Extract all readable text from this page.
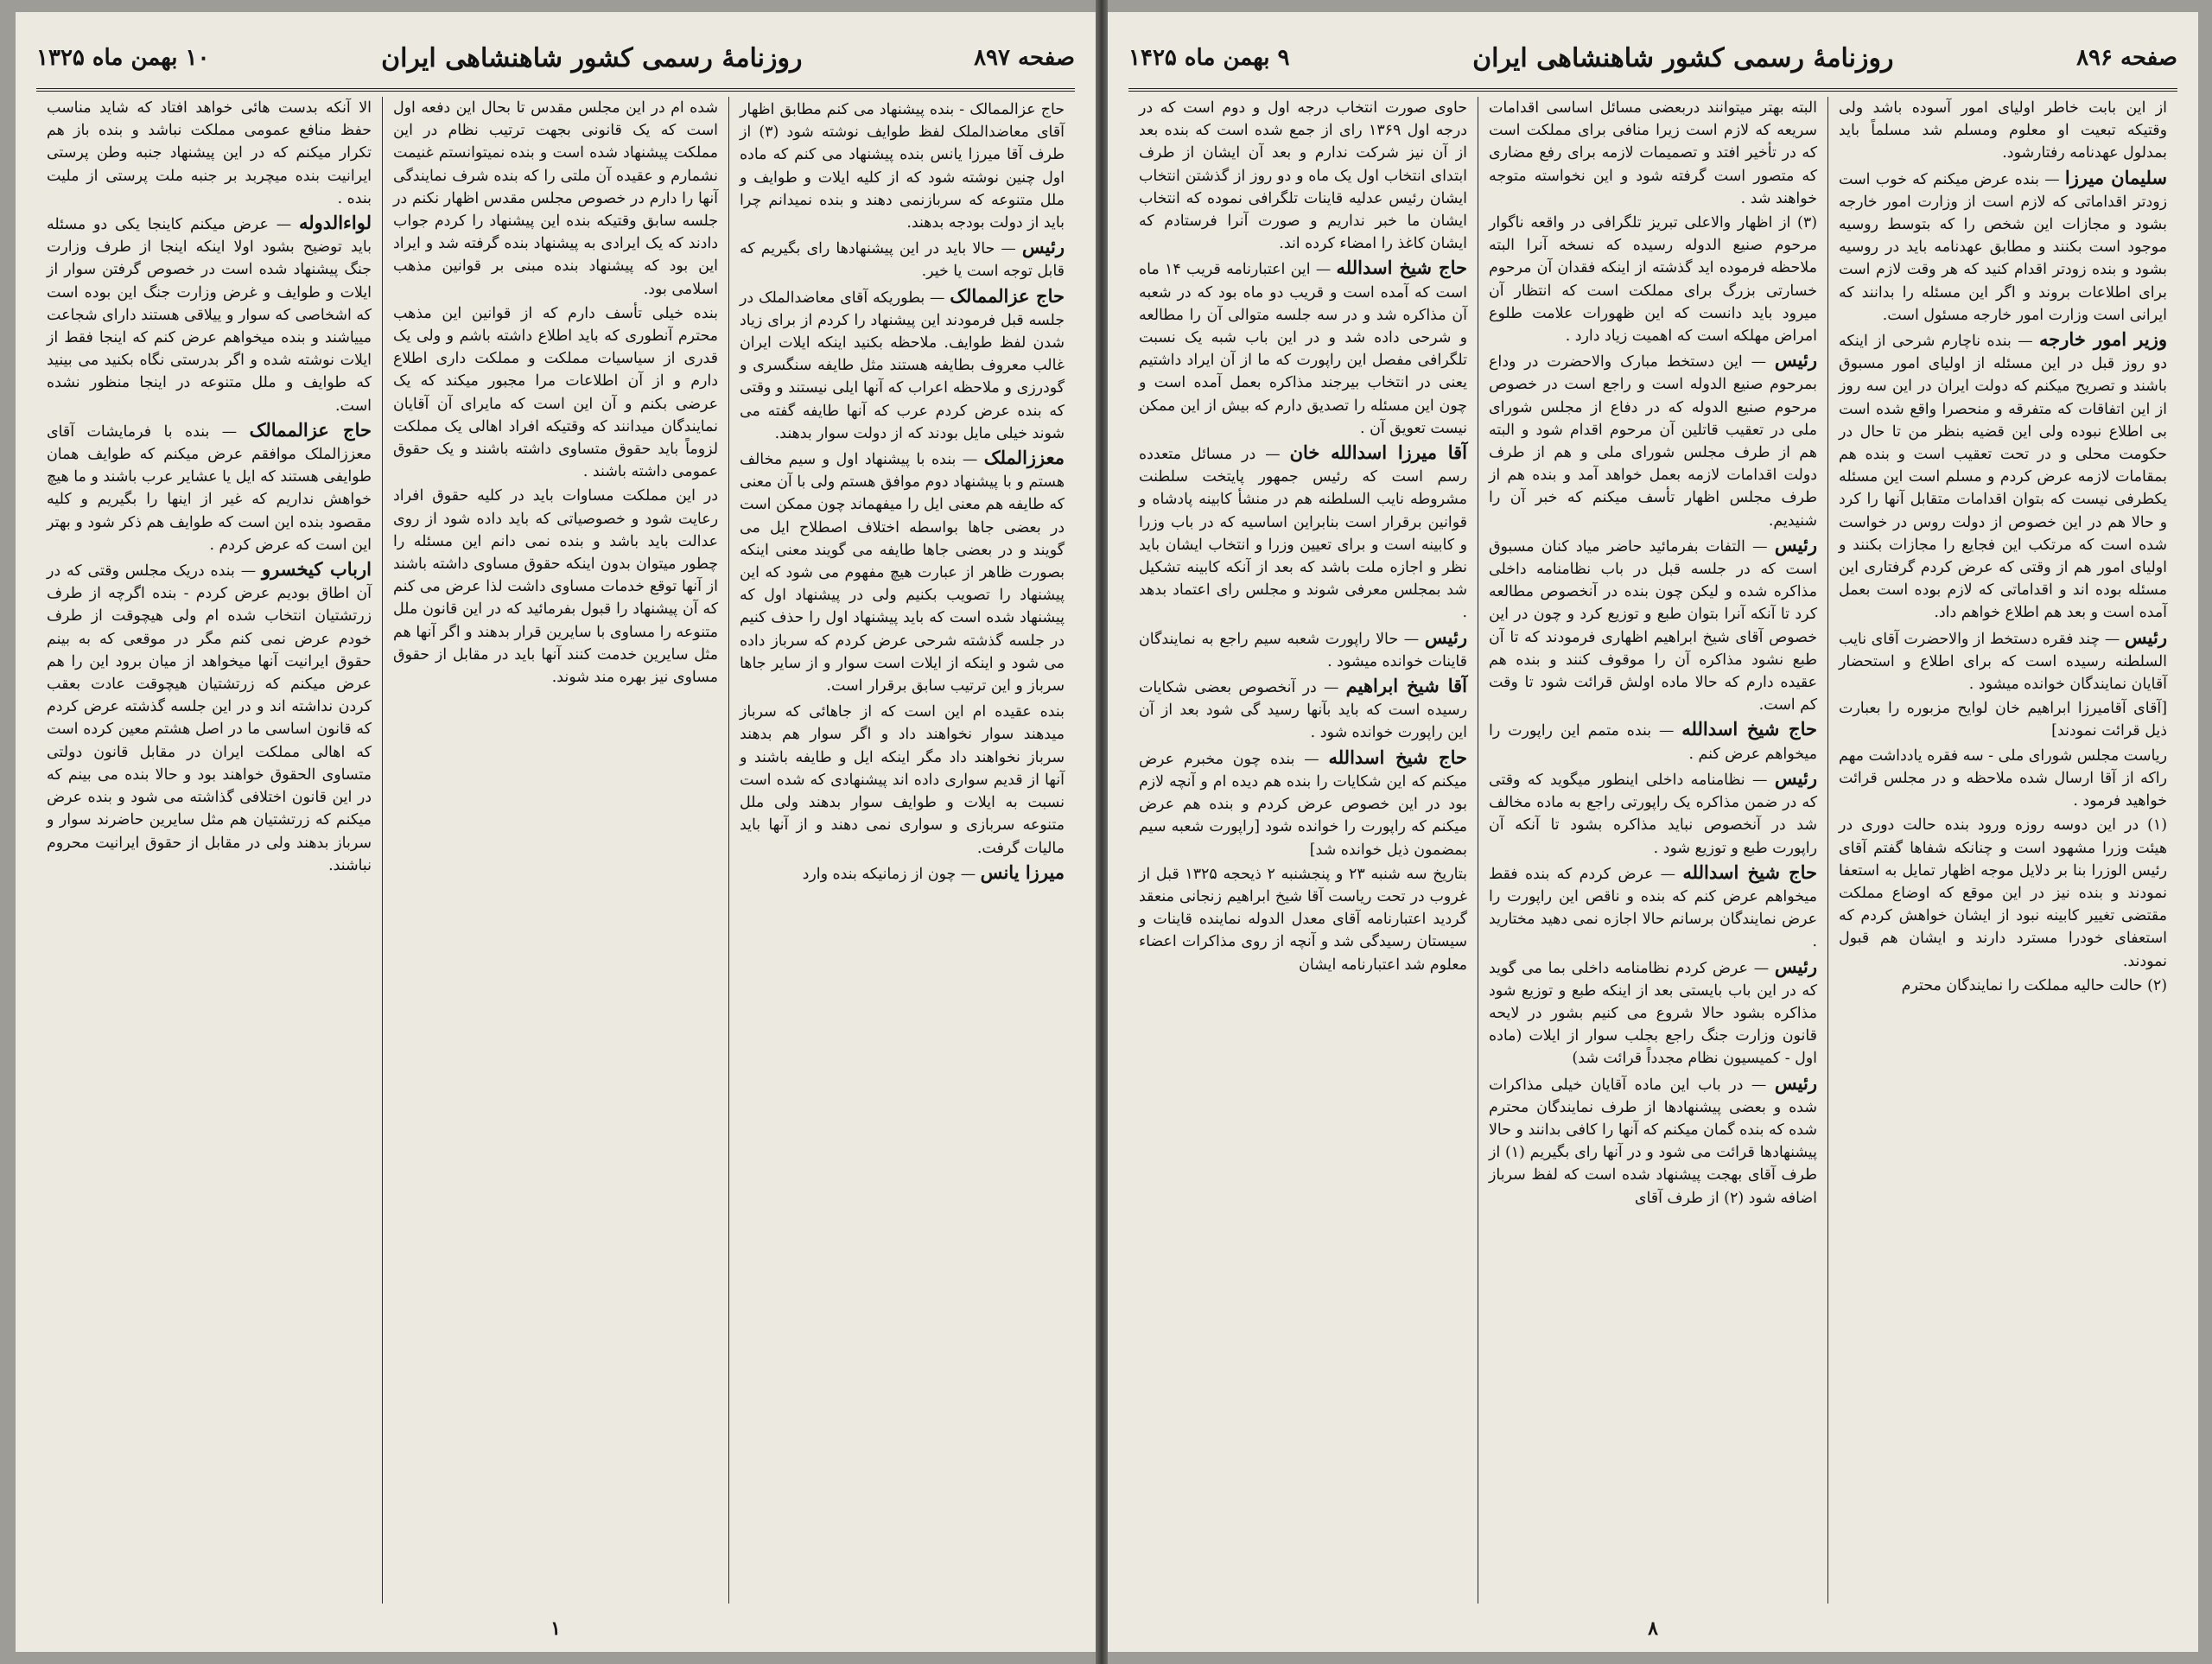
صفحه ۸۹۷
روزنامهٔ رسمی کشور شاهنشاهی ایران
۱۰ بهمن ماه ۱۳۲۵

حاج عزالممالک - بنده پیشنهاد می کنم مطابق اظهار آقای معاضدالملک لفظ طوایف نوشته شود (۳) از طرف آقا میرزا یانس بنده پیشنهاد می کنم که ماده اول چنین نوشته شود که از کلیه ایلات و طوایف و ملل متنوعه که سربازنمی دهند و بنده نمیدانم چرا باید از دولت بودجه بدهند.

رئیس — حالا باید در این پیشنهادها رای بگیریم که قابل توجه است یا خیر.

حاج عزالممالک — بطوریکه آقای معاضدالملک در جلسه قبل فرمودند این پیشنهاد را کردم از برای زیاد شدن لفظ طوایف. ملاحظه بکنید اینکه ایلات ایران غالب معروف بطایفه هستند مثل طایفه سنگسری و گودرزی و ملاحظه اعراب که آنها ایلی نیستند و وقتی که بنده عرض کردم عرب که آنها طایفه گفته می شوند خیلی مایل بودند که از دولت سوار بدهند.

معززالملک — بنده با پیشنهاد اول و سیم مخالف هستم و با پیشنهاد دوم موافق هستم ولی با آن معنی که طایفه هم معنی ایل را میفهماند چون ممکن است در بعضی جاها بواسطه اختلاف اصطلاح ایل می گویند و در بعضی جاها طایفه می گویند معنی اینکه بصورت ظاهر از عبارت هیچ مفهوم می شود که این پیشنهاد را تصویب بکنیم ولی در پیشنهاد اول که پیشنهاد شده است که باید پیشنهاد اول را حذف کنیم در جلسه گذشته شرحی عرض کردم که سرباز داده می شود و اینکه از ایلات است سوار و از سایر جاها سرباز و این ترتیب سابق برقرار است.

بنده عقیده ام این است که از جاهائی که سرباز میدهند سوار نخواهند داد و اگر سوار هم بدهند سرباز نخواهند داد مگر اینکه ایل و طایفه باشند و آنها از قدیم سواری داده اند پیشنهادی که شده است نسبت به ایلات و طوایف سوار بدهند ولی ملل متنوعه سربازی و سواری نمی دهند و از آنها باید مالیات گرفت.

میرزا یانس — چون از زمانیکه بنده وارد

شده ام در این مجلس مقدس تا بحال این دفعه اول است که یک قانونی بجهت ترتیب نظام در این مملکت پیشنهاد شده است و بنده نمیتوانستم غنیمت نشمارم و عقیده آن ملتی را که بنده شرف نمایندگی آنها را دارم در خصوص مجلس مقدس اظهار نکنم در جلسه سابق وقتیکه بنده این پیشنهاد را کردم جواب دادند که یک ایرادی به پیشنهاد بنده گرفته شد و ایراد این بود که پیشنهاد بنده مبنی بر قوانین مذهب اسلامی بود.

بنده خیلی تأسف دارم که از قوانین این مذهب محترم آنطوری که باید اطلاع داشته باشم و ولی یک قدری از سیاسیات مملکت و مملکت داری اطلاع دارم و از آن اطلاعات مرا مجبور میکند که یک عرضی بکنم و آن این است که مایرای آن آقایان نمایندگان میدانند که وقتیکه افراد اهالی یک مملکت لزوماً باید حقوق متساوی داشته باشند و یک حقوق عمومی داشته باشند .

در این مملکت مساوات باید در کلیه حقوق افراد رعایت شود و خصوصیاتی که باید داده شود از روی عدالت باید باشد و بنده نمی دانم این مسئله را چطور میتوان بدون اینکه حقوق مساوی داشته باشند از آنها توقع خدمات مساوی داشت لذا عرض می کنم که آن پیشنهاد را قبول بفرمائید که در این قانون ملل متنوعه را مساوی با سایرین قرار بدهند و اگر آنها هم مثل سایرین خدمت کنند آنها باید در مقابل از حقوق مساوی نیز بهره مند شوند.

الا آنکه بدست هائی خواهد افتاد که شاید مناسب حفظ منافع عمومی مملکت نباشد و بنده باز هم تکرار میکنم که در این پیشنهاد جنبه وطن پرستی ایرانیت بنده میچربد بر جنبه ملت پرستی از ملیت بنده .

لواءالدوله — عرض میکنم کاینجا یکی دو مسئله باید توضیح بشود اولا اینکه اینجا از طرف وزارت جنگ پیشنهاد شده است در خصوص گرفتن سوار از ایلات و طوایف و غرض وزارت جنگ این بوده است که اشخاصی که سوار و ییلاقی هستند دارای شجاعت مییاشند و بنده میخواهم عرض کنم که اینجا فقط از ایلات نوشته شده و اگر بدرستی نگاه بکنید می بینید که طوایف و ملل متنوعه در اینجا منظور نشده است.

حاج عزالممالک — بنده با فرمایشات آقای معززالملک موافقم عرض میکنم که طوایف همان طوایفی هستند که ایل یا عشایر عرب باشند و ما هیچ خواهش نداریم که غیر از اینها را بگیریم و کلیه مقصود بنده این است که طوایف هم ذکر شود و بهتر این است که عرض کردم .

ارباب کیخسرو — بنده دریک مجلس وقتی که در آن اطاق بودیم عرض کردم - بنده اگرچه از طرف زرتشتیان انتخاب شده ام ولی هیچوقت از طرف خودم عرض نمی کنم مگر در موقعی که به بینم حقوق ایرانیت آنها میخواهد از میان برود این را هم عرض میکنم که زرتشتیان هیچوقت عادت بعقب کردن نداشته اند و در این جلسه گذشته عرض کردم که قانون اساسی ما در اصل هشتم معین کرده است که اهالی مملکت ایران در مقابل قانون دولتی متساوی الحقوق خواهند بود و حالا بنده می بینم که در این قانون اختلافی گذاشته می شود و بنده عرض میکنم که زرتشتیان هم مثل سایرین حاضرند سوار و سرباز بدهند ولی در مقابل از حقوق ایرانیت محروم نباشند.

۱
صفحه ۸۹۶
روزنامهٔ رسمی کشور شاهنشاهی ایران
۹ بهمن ماه ۱۴۲۵

از این بابت خاطر اولیای امور آسوده باشد ولی وقتیکه تبعیت او معلوم ومسلم شد مسلماً باید بمدلول عهدنامه رفتارشود.

سلیمان میرزا — بنده عرض میکنم که خوب است زودتر اقداماتی که لازم است از وزارت امور خارجه بشود و مجازات این شخص را که بتوسط روسیه موجود است بکنند و مطابق عهدنامه باید در روسیه بشود و بنده زودتر اقدام کنید که هر وقت لازم است برای اطلاعات بروند و اگر این مسئله را بدانند که ایرانی است وزارت امور خارجه مسئول است.

وزیر امور خارجه — بنده ناچارم شرحی از اینکه دو روز قبل در این مسئله از اولیای امور مسبوق باشند و تصریح میکنم که دولت ایران در این سه روز از این اتفاقات که متفرقه و منحصرا واقع شده است بی اطلاع نبوده ولی این قضیه بنظر من تا حال در حکومت محلی و در تحت تعقیب است و بنده هم بمقامات لازمه عرض کردم و مسلم است این مسئله یکطرفی نیست که بتوان اقدامات متقابل آنها را کرد و حالا هم در این خصوص از دولت روس در خواست شده است که مرتکب این فجایع را مجازات بکنند و اولیای امور هم از وقتی که عرض کردم گرفتاری این مسئله بوده اند و اقداماتی که لازم بوده است بعمل آمده است و بعد هم اطلاع خواهم داد.

رئیس — چند فقره دستخط از والاحضرت آقای نایب السلطنه رسیده است که برای اطلاع و استحضار آقایان نمایندگان خوانده میشود .

[آقای آقامیرزا ابراهیم خان لوایح مزبوره را بعبارت ذیل قرائت نمودند]

ریاست مجلس شورای ملی - سه فقره یادداشت مهم راکه از آقا ارسال شده ملاحظه و در مجلس قرائت خواهید فرمود .

(۱) در این دوسه روزه ورود بنده حالت دوری در هیئت وزرا مشهود است و چنانکه شفاها گفتم آقای رئیس الوزرا بنا بر دلایل موجه اظهار تمایل به استعفا نمودند و بنده نیز در این موقع که اوضاع مملکت مقتضی تغییر کابینه نبود از ایشان خواهش کردم که استعفای خودرا مسترد دارند و ایشان هم قبول نمودند.

(۲) حالت حالیه مملکت را نمایندگان محترم

البته بهتر میتوانند دربعضی مسائل اساسی اقدامات سریعه که لازم است زیرا منافی برای مملکت است که در تأخیر افتد و تصمیمات لازمه برای رفع مضاری که متصور است گرفته شود و این نخواسته متوجه خواهند شد .

(۳) از اظهار والاعلی تبریز تلگرافی در واقعه ناگوار مرحوم صنیع الدوله رسیده که نسخه آنرا البته ملاحظه فرموده اید گذشته از اینکه فقدان آن مرحوم خسارتی بزرگ برای مملکت است که انتظار آن میرود باید دانست که این ظهورات علامت طلوع امراض مهلکه است که اهمیت زیاد دارد .

رئیس — این دستخط مبارک والاحضرت در وداع بمرحوم صنیع الدوله است و راجع است در خصوص مرحوم صنیع الدوله که در دفاع از مجلس شورای ملی در تعقیب قاتلین آن مرحوم اقدام شود و البته هم از طرف مجلس شورای ملی و هم از طرف دولت اقدامات لازمه بعمل خواهد آمد و بنده هم از طرف مجلس اظهار تأسف میکنم که خبر آن را شنیدیم.

رئیس — التفات بفرمائید حاضر میاد کنان مسبوق است که در جلسه قبل در باب نظامنامه داخلی مذاکره شده و لیکن چون بنده در آنخصوص مطالعه کرد تا آنکه آنرا بتوان طبع و توزیع کرد و چون در این خصوص آقای شیخ ابراهیم اظهاری فرمودند که تا آن طبع نشود مذاکره آن را موقوف کنند و بنده هم عقیده دارم که حالا ماده اولش قرائت شود تا وقت کم است.

حاج شیخ اسدالله — بنده متمم این راپورت را میخواهم عرض کنم .

رئیس — نظامنامه داخلی اینطور میگوید که وقتی که در ضمن مذاکره یک راپورتی راجع به ماده مخالف شد در آنخصوص نباید مذاکره بشود تا آنکه آن راپورت طبع و توزیع شود .

حاج شیخ اسدالله — عرض کردم که بنده فقط میخواهم عرض کنم که بنده و ناقص این راپورت را عرض نمایندگان برسانم حالا اجازه نمی دهید مختارید .

رئیس — عرض کردم نظامنامه داخلی بما می گوید که در این باب بایستی بعد از اینکه طبع و توزیع شود مذاکره بشود حالا شروع می کنیم بشور در لایحه قانون وزارت جنگ راجع بجلب سوار از ایلات (ماده اول - کمیسیون نظام مجدداً قرائت شد)

رئیس — در باب این ماده آقایان خیلی مذاکرات شده و بعضی پیشنهادها از طرف نمایندگان محترم شده که بنده گمان میکنم که آنها را کافی بدانند و حالا پیشنهادها قرائت می شود و در آنها رای بگیریم (۱) از طرف آقای بهجت پیشنهاد شده است که لفظ سرباز اضافه شود (۲) از طرف آقای

حاوی صورت انتخاب درجه اول و دوم است که در درجه اول ۱۳۶۹ رای از جمع شده است که بنده بعد از آن نیز شرکت ندارم و بعد آن ایشان از طرف ابتدای انتخاب اول یک ماه و دو روز از گذشتن انتخاب ایشان رئیس عدلیه قاینات تلگرافی نموده که انتخاب ایشان ما خبر نداریم و صورت آنرا فرستادم که ایشان کاغذ را امضاء کرده اند.

حاج شیخ اسدالله — این اعتبارنامه قریب ۱۴ ماه است که آمده است و قریب دو ماه بود که در شعبه آن مذاکره شد و در سه جلسه متوالی آن را مطالعه و شرحی داده شد و در این باب شبه یک نسبت تلگرافی مفصل این راپورت که ما از آن ایراد داشتیم یعنی در انتخاب بیرجند مذاکره بعمل آمده است و چون این مسئله را تصدیق دارم که بیش از این ممکن نیست تعویق آن .

آقا میرزا اسدالله خان — در مسائل متعدده رسم است که رئیس جمهور پایتخت سلطنت مشروطه نایب السلطنه هم در منشأ کابینه پادشاه و قوانین برقرار است بنابراین اساسیه که در باب وزرا و کابینه است و برای تعیین وزرا و انتخاب ایشان باید نظر و اجازه ملت باشد که بعد از آنکه کابینه تشکیل شد بمجلس معرفی شوند و مجلس رای اعتماد بدهد .

رئیس — حالا راپورت شعبه سیم راجع به نمایندگان قاینات خوانده میشود .

آقا شیخ ابراهیم — در آنخصوص بعضی شکایات رسیده است که باید بآنها رسید گی شود بعد از آن این راپورت خوانده شود .

حاج شیخ اسدالله — بنده چون مخبرم عرض میکنم که این شکایات را بنده هم دیده ام و آنچه لازم بود در این خصوص عرض کردم و بنده هم عرض میکنم که راپورت را خوانده شود [راپورت شعبه سیم بمضمون ذیل خوانده شد]

بتاریخ سه شنبه ۲۳ و پنجشنبه ۲ ذیحجه ۱۳۲۵ قبل از غروب در تحت ریاست آقا شیخ ابراهیم زنجانی منعقد گردید اعتبارنامه آقای معدل الدوله نماینده قاینات و سیستان رسیدگی شد و آنچه از روی مذاکرات اعضاء معلوم شد اعتبارنامه ایشان

۸
